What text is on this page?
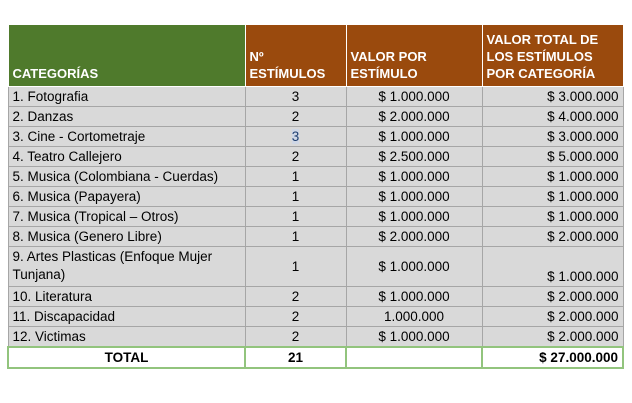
CATEGORÍAS	Nº ESTÍMULOS	VALOR POR ESTÍMULO	VALOR TOTAL DE LOS ESTÍMULOS POR CATEGORÍA
1. Fotografia	3	$ 1.000.000	$ 3.000.000
2. Danzas	2	$ 2.000.000	$ 4.000.000
3. Cine - Cortometraje	3	$ 1.000.000	$ 3.000.000
4. Teatro Callejero	2	$ 2.500.000	$ 5.000.000
5. Musica (Colombiana - Cuerdas)	1	$ 1.000.000	$ 1.000.000
6. Musica (Papayera)	1	$ 1.000.000	$ 1.000.000
7. Musica (Tropical – Otros)	1	$ 1.000.000	$ 1.000.000
8. Musica (Genero Libre)	1	$ 2.000.000	$ 2.000.000
9. Artes Plasticas (Enfoque Mujer Tunjana)	1	$ 1.000.000	$ 1.000.000
10. Literatura	2	$ 1.000.000	$ 2.000.000
11. Discapacidad	2	1.000.000	$ 2.000.000
12. Victimas	2	$ 1.000.000	$ 2.000.000
TOTAL	21		$ 27.000.000
